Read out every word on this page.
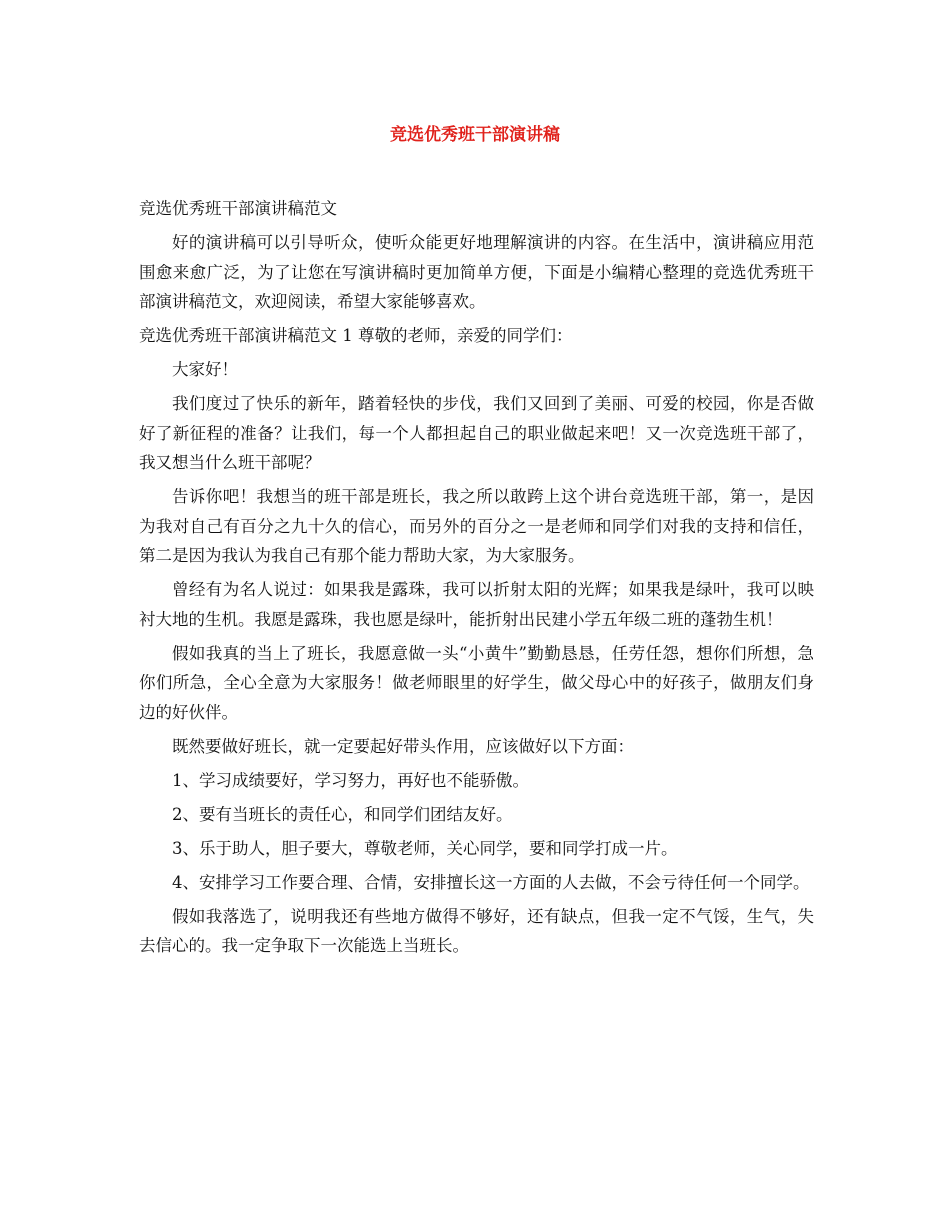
竞选优秀班干部演讲稿

竞选优秀班干部演讲稿范文

好的演讲稿可以引导听众，使听众能更好地理解演讲的内容。在生活中，演讲稿应用范围愈来愈广泛，为了让您在写演讲稿时更加简单方便，下面是小编精心整理的竞选优秀班干部演讲稿范文，欢迎阅读，希望大家能够喜欢。

竞选优秀班干部演讲稿范文 1 尊敬的老师，亲爱的同学们：

大家好！

我们度过了快乐的新年，踏着轻快的步伐，我们又回到了美丽、可爱的校园，你是否做好了新征程的准备？让我们，每一个人都担起自己的职业做起来吧！又一次竞选班干部了，我又想当什么班干部呢？

告诉你吧！我想当的班干部是班长，我之所以敢跨上这个讲台竞选班干部，第一，是因为我对自己有百分之九十久的信心，而另外的百分之一是老师和同学们对我的支持和信任，第二是因为我认为我自己有那个能力帮助大家，为大家服务。

曾经有为名人说过：如果我是露珠，我可以折射太阳的光辉；如果我是绿叶，我可以映衬大地的生机。我愿是露珠，我也愿是绿叶，能折射出民建小学五年级二班的蓬勃生机！

假如我真的当上了班长，我愿意做一头“小黄牛”勤勤恳恳，任劳任怨，想你们所想，急你们所急，全心全意为大家服务！做老师眼里的好学生，做父母心中的好孩子，做朋友们身边的好伙伴。

既然要做好班长，就一定要起好带头作用，应该做好以下方面：

1、学习成绩要好，学习努力，再好也不能骄傲。

2、要有当班长的责任心，和同学们团结友好。

3、乐于助人，胆子要大，尊敬老师，关心同学，要和同学打成一片。

4、安排学习工作要合理、合情，安排擅长这一方面的人去做，不会亏待任何一个同学。

假如我落选了，说明我还有些地方做得不够好，还有缺点，但我一定不气馁，生气，失去信心的。我一定争取下一次能选上当班长。
